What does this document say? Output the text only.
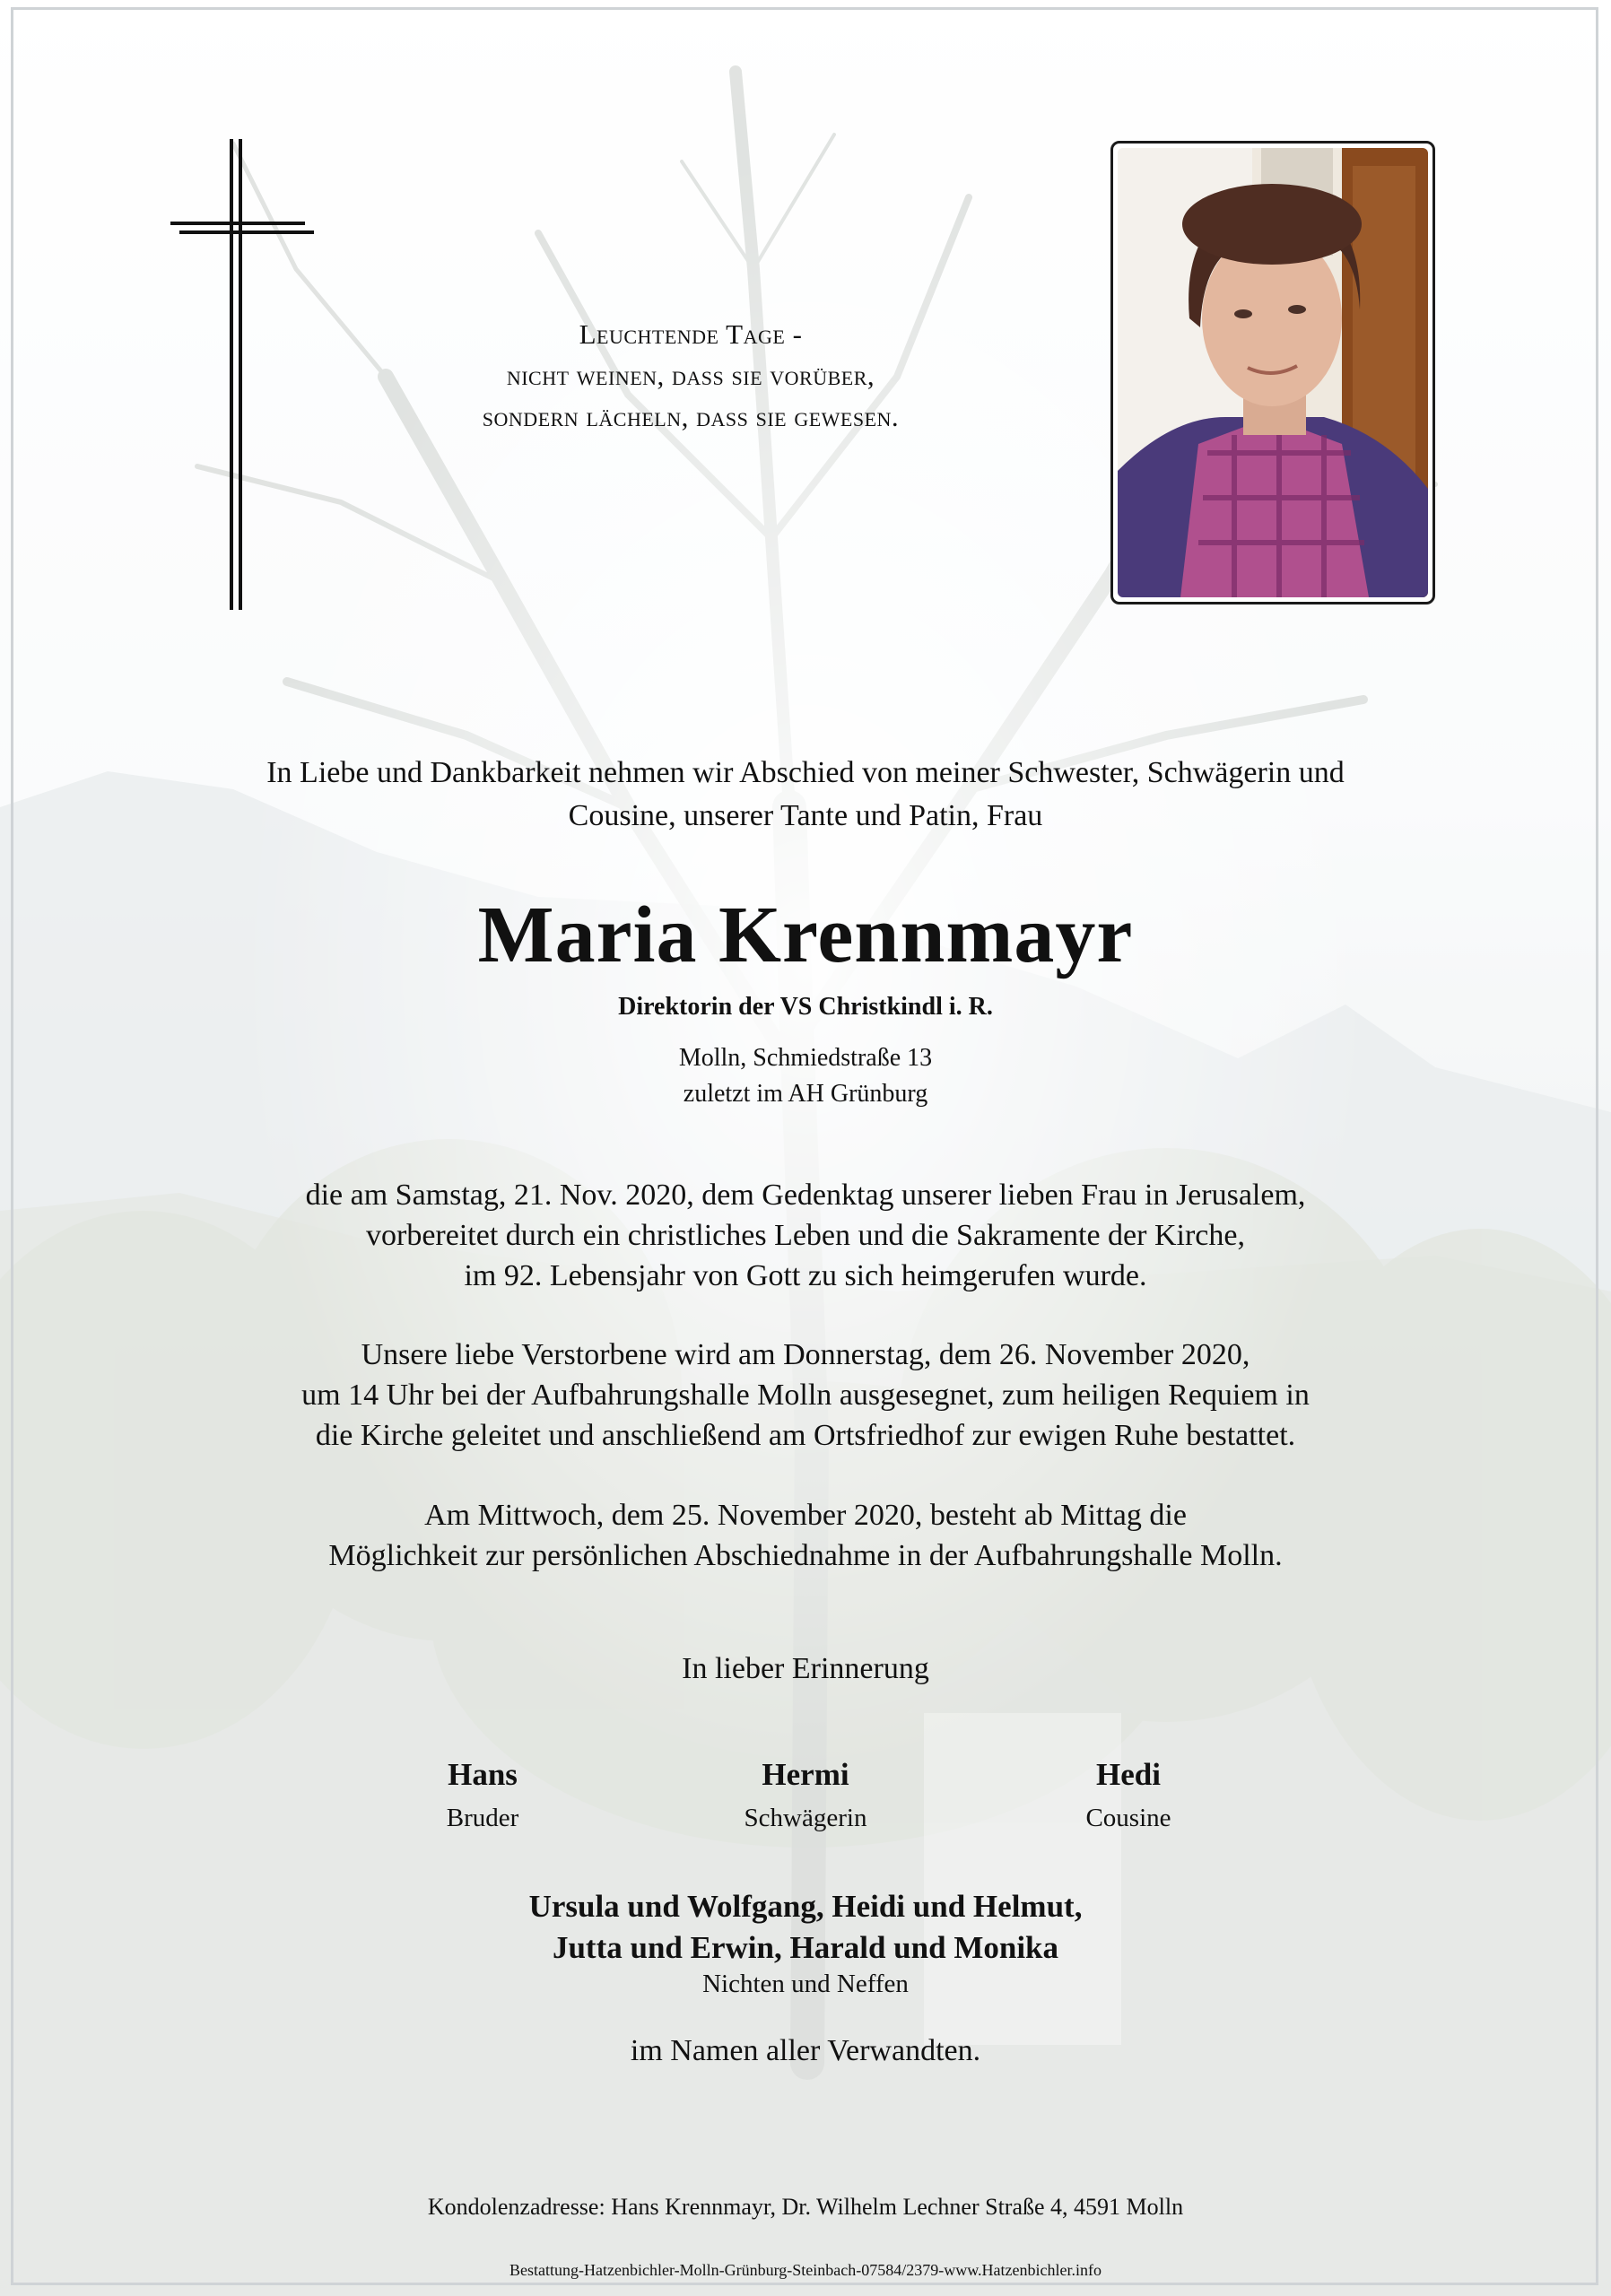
Leuchtende Tage -
nicht weinen, dass sie vorüber,
sondern lächeln, dass sie gewesen.
In Liebe und Dankbarkeit nehmen wir Abschied von meiner Schwester, Schwägerin und
Cousine, unserer Tante und Patin, Frau
Maria Krennmayr
Direktorin der VS Christkindl i. R.
Molln, Schmiedstraße 13
zuletzt im AH Grünburg
die am Samstag, 21. Nov. 2020, dem Gedenktag unserer lieben Frau in Jerusalem,
vorbereitet durch ein christliches Leben und die Sakramente der Kirche,
im 92. Lebensjahr von Gott zu sich heimgerufen wurde.
Unsere liebe Verstorbene wird am Donnerstag, dem 26. November 2020,
um 14 Uhr bei der Aufbahrungshalle Molln ausgesegnet, zum heiligen Requiem in
die Kirche geleitet und anschließend am Ortsfriedhof zur ewigen Ruhe bestattet.
Am Mittwoch, dem 25. November 2020, besteht ab Mittag die
Möglichkeit zur persönlichen Abschiednahme in der Aufbahrungshalle Molln.
In lieber Erinnerung
Hans
Bruder
Hermi
Schwägerin
Hedi
Cousine
Ursula und Wolfgang, Heidi und Helmut,
Jutta und Erwin, Harald und Monika
Nichten und Neffen
im Namen aller Verwandten.
Kondolenzadresse: Hans Krennmayr, Dr. Wilhelm Lechner Straße 4, 4591 Molln
Bestattung-Hatzenbichler-Molln-Grünburg-Steinbach-07584/2379-www.Hatzenbichler.info
